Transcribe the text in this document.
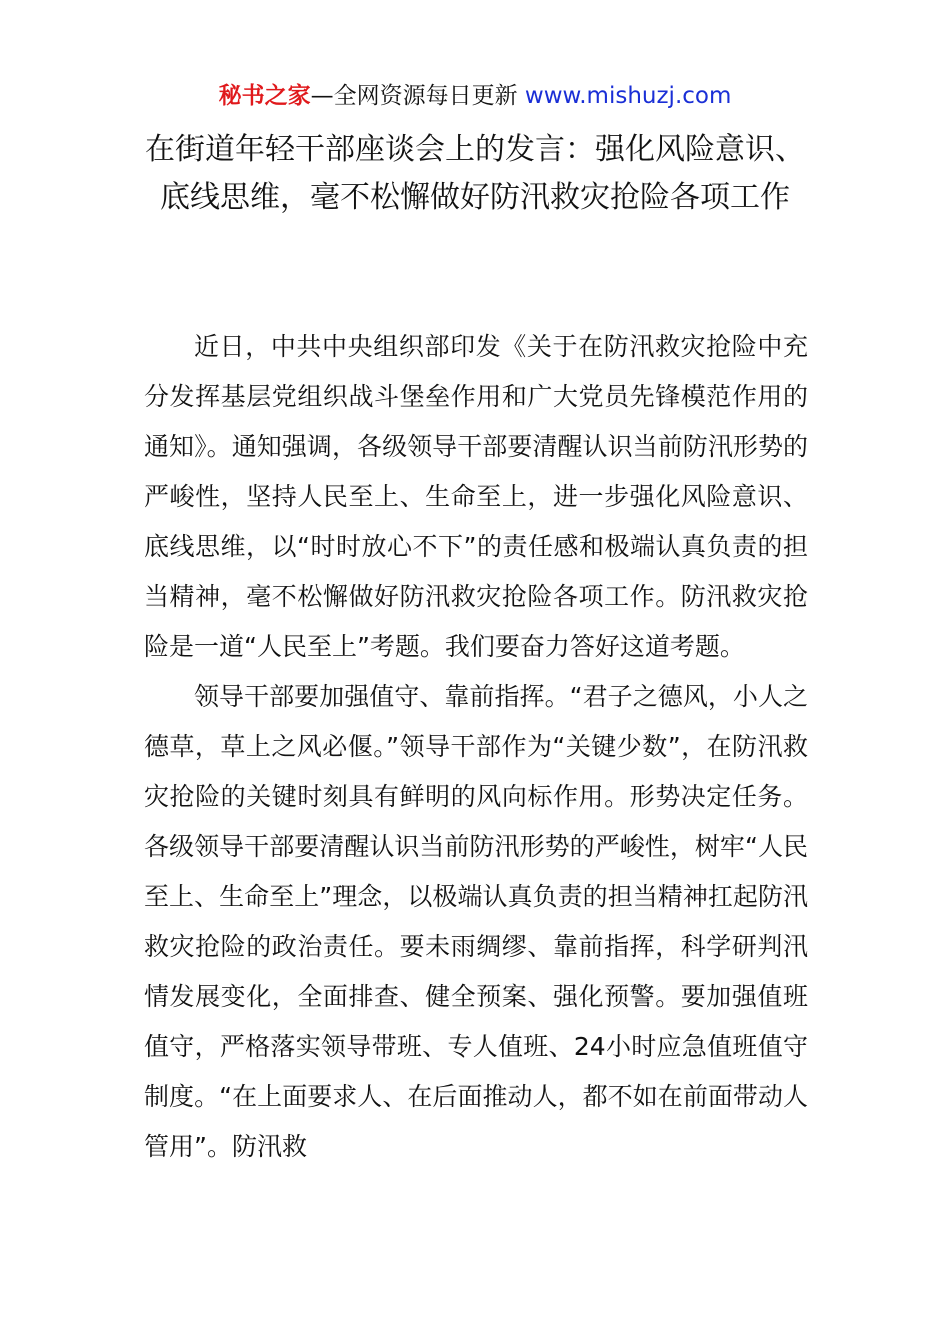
秘书之家—全网资源每日更新 www.mishuzj.com
在街道年轻干部座谈会上的发言：强化风险意识、底线思维，毫不松懈做好防汛救灾抢险各项工作

近日，中共中央组织部印发《关于在防汛救灾抢险中充分发挥基层党组织战斗堡垒作用和广大党员先锋模范作用的通知》。通知强调，各级领导干部要清醒认识当前防汛形势的严峻性，坚持人民至上、生命至上，进一步强化风险意识、底线思维，以“时时放心不下”的责任感和极端认真负责的担当精神，毫不松懈做好防汛救灾抢险各项工作。防汛救灾抢险是一道“人民至上”考题。我们要奋力答好这道考题。

领导干部要加强值守、靠前指挥。“君子之德风，小人之德草，草上之风必偃。”领导干部作为“关键少数”，在防汛救灾抢险的关键时刻具有鲜明的风向标作用。形势决定任务。各级领导干部要清醒认识当前防汛形势的严峻性，树牢“人民至上、生命至上”理念，以极端认真负责的担当精神扛起防汛救灾抢险的政治责任。要未雨绸缪、靠前指挥，科学研判汛情发展变化，全面排查、健全预案、强化预警。要加强值班值守，严格落实领导带班、专人值班、24小时应急值班值守制度。“在上面要求人、在后面推动人，都不如在前面带动人管用”。防汛救
